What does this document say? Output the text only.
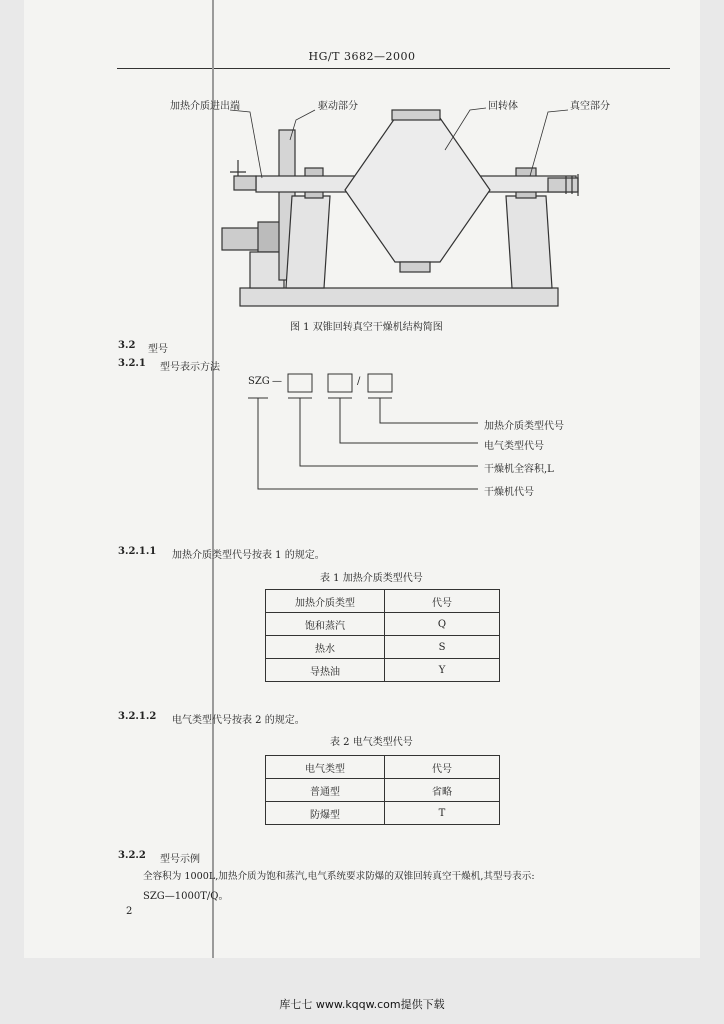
HG/T 3682—2000
加热介质进出端	驱动部分	回转体	真空部分
图 1 双锥回转真空干燥机结构简图
3.2 型号
3.2.1 型号表示方法
SZG —	/
加热介质类型代号
电气类型代号
干燥机全容积,L
干燥机代号
3.2.1.1 加热介质类型代号按表 1 的规定。
表 1 加热介质类型代号
加热介质类型	代号
饱和蒸汽	Q
热水	S
导热油	Y
3.2.1.2 电气类型代号按表 2 的规定。
表 2 电气类型代号
电气类型	代号
普通型	省略
防爆型	T
3.2.2 型号示例
全容积为 1000L,加热介质为饱和蒸汽,电气系统要求防爆的双锥回转真空干燥机,其型号表示:
SZG—1000T/Q。
2
库七七 www.kqqw.com提供下载
